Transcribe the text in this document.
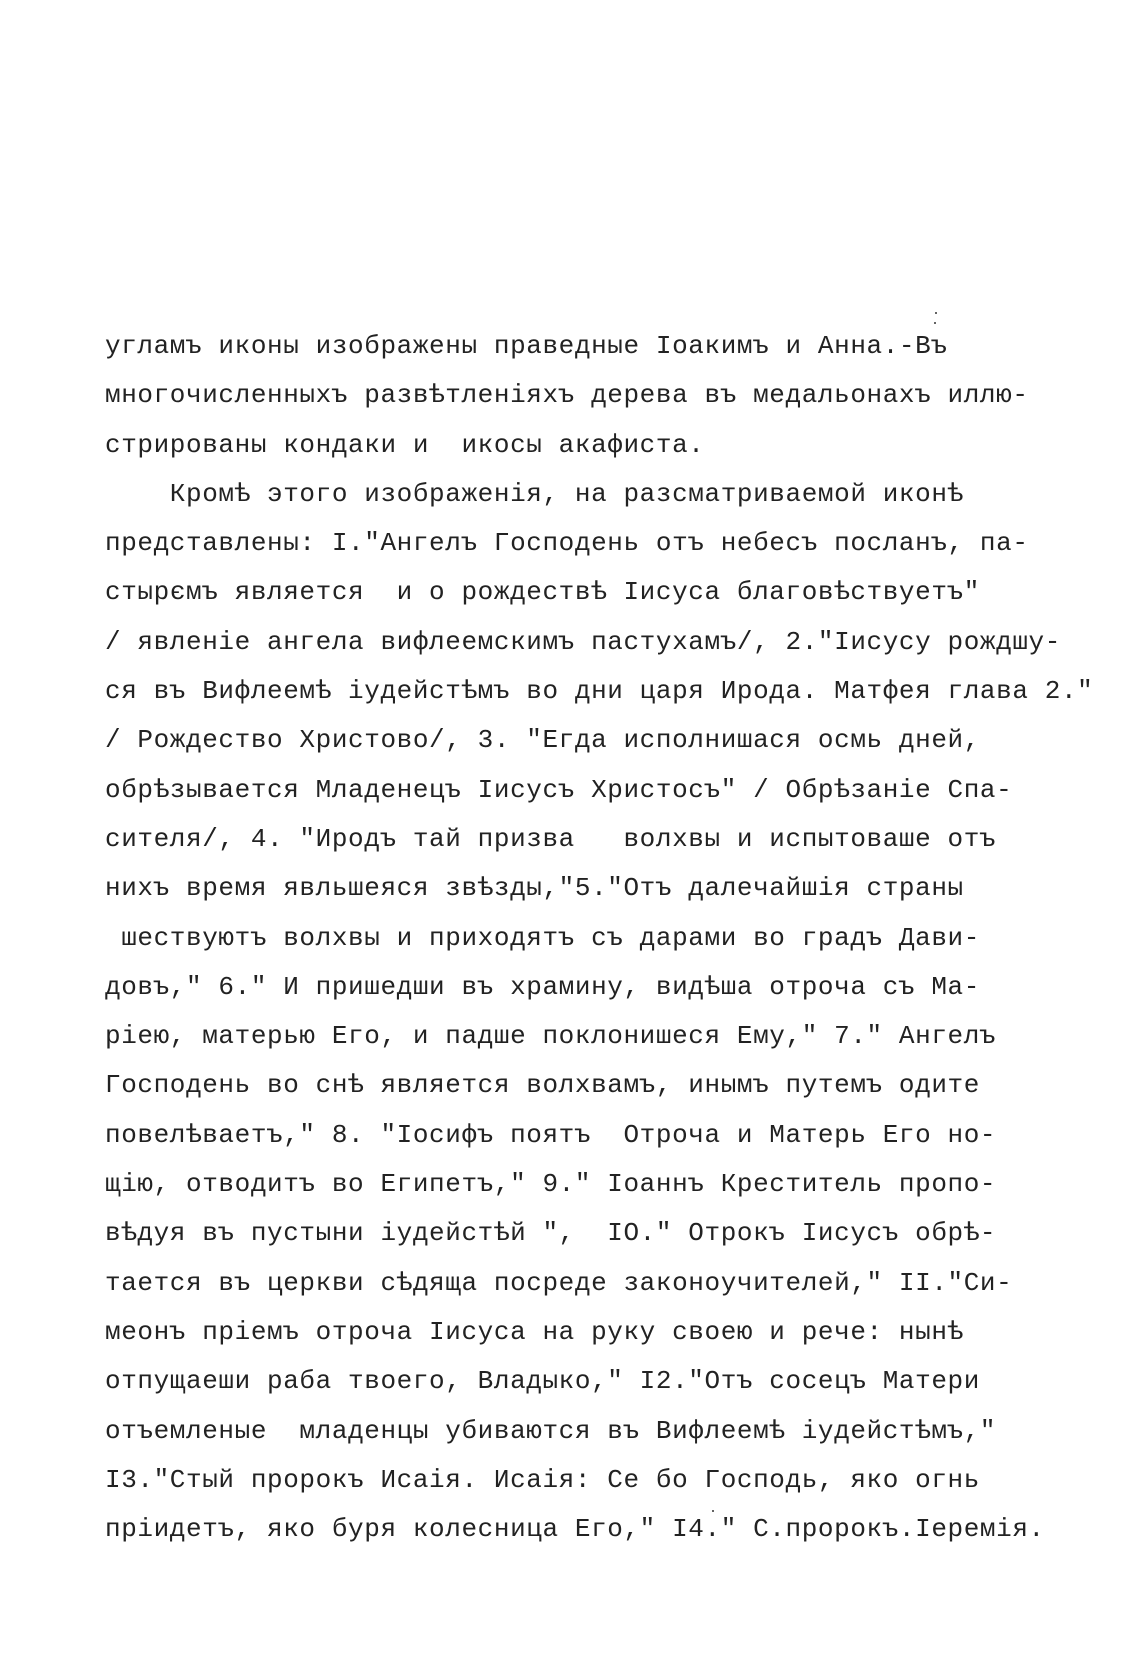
угламъ иконы изображены праведные Іоакимъ и Анна.-Въ
многочисленныхъ развѣтленіяхъ дерева въ медальонахъ иллю-
стрированы кондаки и  икосы акафиста.
Кромѣ этого изображенія, на разсматриваемой иконѣ
представлены: I."Ангелъ Господень отъ небесъ посланъ, па-
стырємъ является  и о рождествѣ Іисуса благовѣствуетъ"
/ явленіе ангела вифлеемскимъ пастухамъ/, 2."Іисусу рождшу-
ся въ Вифлеемѣ іудейстѣмъ во дни царя Ирода. Матфея глава 2."
/ Рождество Христово/, 3. "Егда исполнишася осмь дней,
обрѣзывается Младенецъ Іисусъ Христосъ" / Обрѣзаніе Спа-
сителя/, 4. "Иродъ тай призва   волхвы и испытоваше отъ
нихъ время явльшеяся звѣзды,"5."Отъ далечайшія страны
шествуютъ волхвы и приходятъ съ дарами во градъ Дави-
довъ," 6." И пришедши въ храмину, видѣша отроча съ Ма-
ріею, матерью Его, и падше поклонишеся Ему," 7." Ангелъ
Господень во снѣ является волхвамъ, инымъ путемъ одите
повелѣваетъ," 8. "Іосифъ поятъ  Отроча и Матерь Его но-
щію, отводитъ во Египетъ," 9." Іоаннъ Креститель пропо-
вѣдуя въ пустыни іудейстѣй ",  IO." Отрокъ Іисусъ обрѣ-
тается въ церкви сѣдяща посреде законоучителей," II."Си-
меонъ пріемъ отроча Іисуса на руку своею и рече: нынѣ
отпущаеши раба твоего, Владыко," I2."Отъ сосецъ Матери
отъемленые  младенцы убиваются въ Вифлеемѣ іудейстѣмъ,"
I3."Стый пророкъ Исаія. Исаія: Се бо Господь, яко огнь
пріидетъ, яко буря колесница Его," I4." С.пророкъ.Іеремія.
